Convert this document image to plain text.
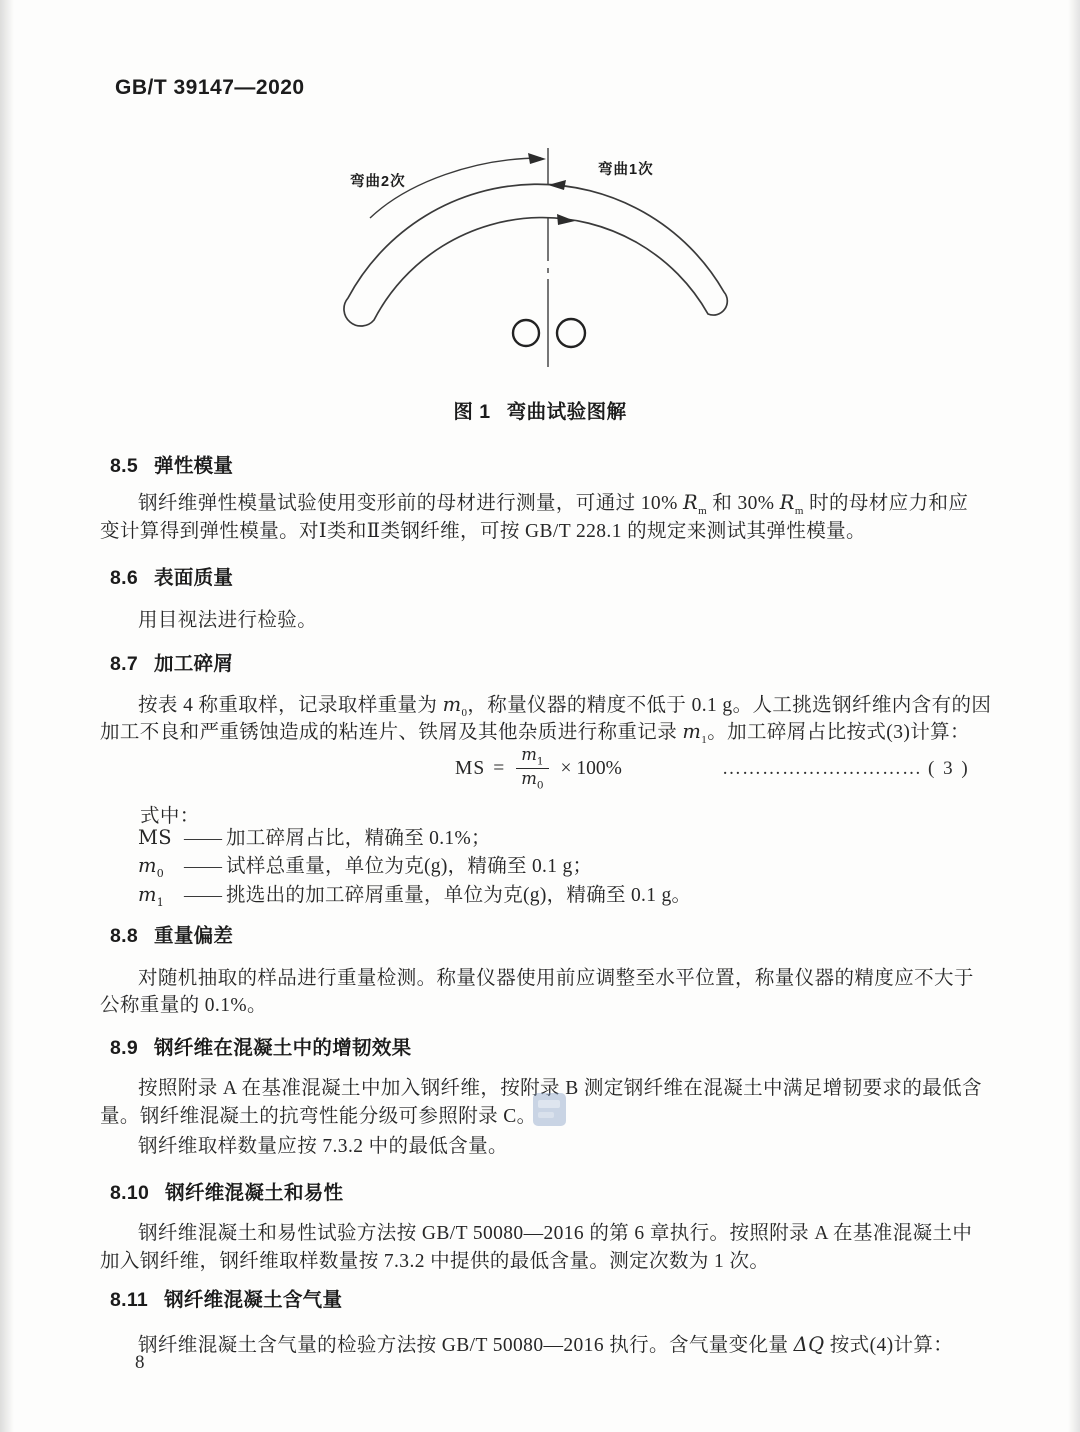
GB/T 39147—2020
弯曲2次
弯曲1次
图 1 弯曲试验图解
8.5 弹性模量
钢纤维弹性模量试验使用变形前的母材进行测量，可通过 10% $R_m$ 和 30% $R_m$ 时的母材应力和应
变计算得到弹性模量。对Ⅰ类和Ⅱ类钢纤维，可按 GB/T 228.1 的规定来测试其弹性模量。
8.6 表面质量
用目视法进行检验。
8.7 加工碎屑
按表 4 称重取样，记录取样重量为 $m_0$，称量仪器的精度不低于 0.1 g。人工挑选钢纤维内含有的因
加工不良和严重锈蚀造成的粘连片、铁屑及其他杂质进行称重记录 $m_1$。加工碎屑占比按式(3)计算：
MS = $\frac{m_1}{m_0} \times 100\%$	………………………… ( 3 )
式中：
MS —— 加工碎屑占比，精确至 0.1%；
$m_0$	—— 试样总重量，单位为克(g)，精确至 0.1 g；
$m_1$	—— 挑选出的加工碎屑重量，单位为克(g)，精确至 0.1 g。
8.8 重量偏差
对随机抽取的样品进行重量检测。称量仪器使用前应调整至水平位置，称量仪器的精度应不大于
公称重量的 0.1%。
8.9 钢纤维在混凝土中的增韧效果
按照附录 A 在基准混凝土中加入钢纤维，按附录 B 测定钢纤维在混凝土中满足增韧要求的最低含
量。钢纤维混凝土的抗弯性能分级可参照附录 C。
钢纤维取样数量应按 7.3.2 中的最低含量。
8.10 钢纤维混凝土和易性
钢纤维混凝土和易性试验方法按 GB/T 50080—2016 的第 6 章执行。按照附录 A 在基准混凝土中
加入钢纤维，钢纤维取样数量按 7.3.2 中提供的最低含量。测定次数为 1 次。
8.11 钢纤维混凝土含气量
钢纤维混凝土含气量的检验方法按 GB/T 50080—2016 执行。含气量变化量 ΔQ 按式(4)计算：
8
